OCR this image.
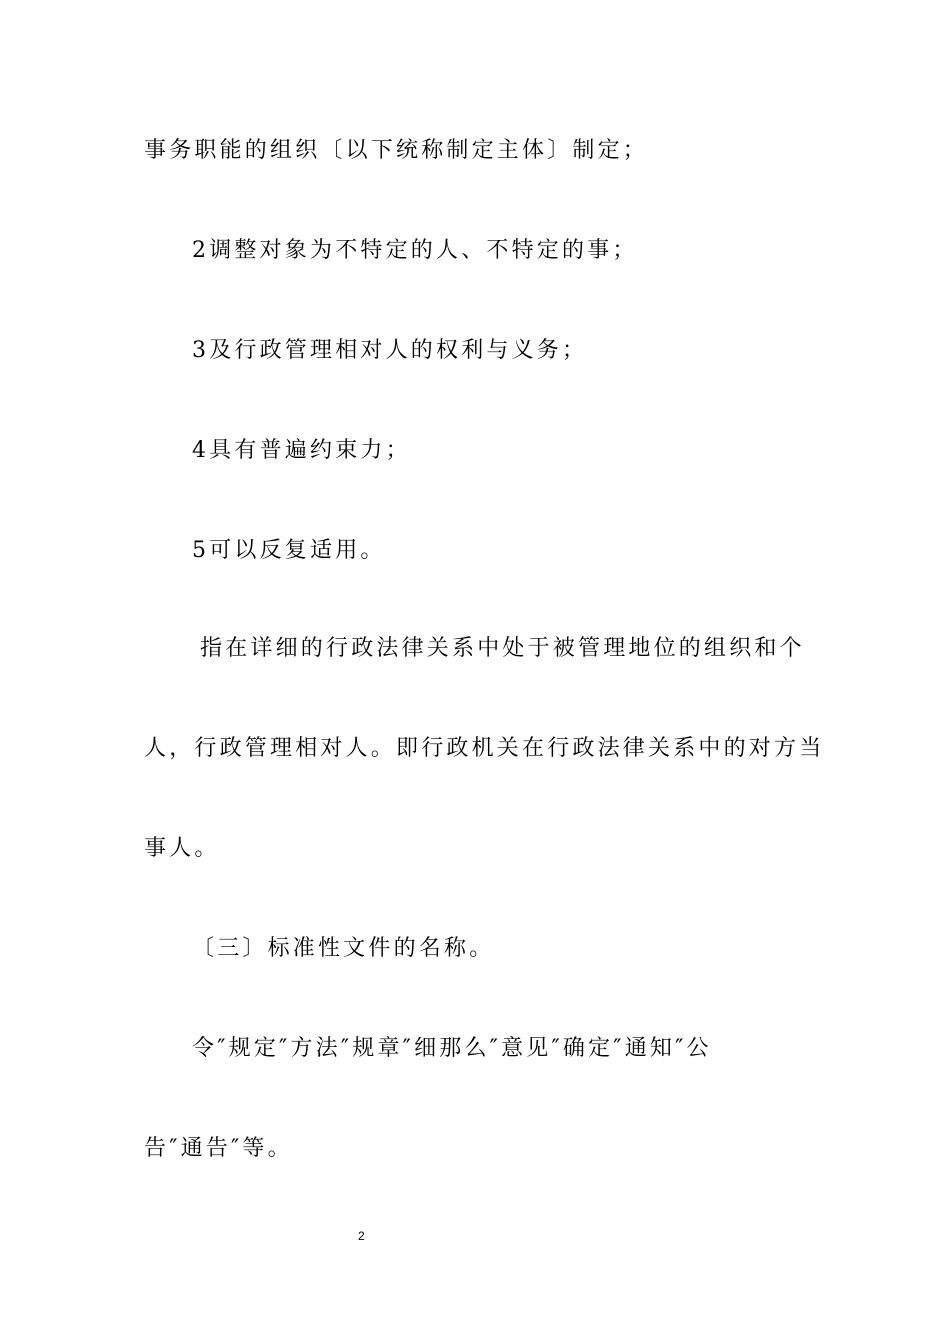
事务职能的组织〔以下统称制定主体〕制定；
2调整对象为不特定的人、不特定的事；
3及行政管理相对人的权利与义务；
4具有普遍约束力；
5可以反复适用。
指在详细的行政法律关系中处于被管理地位的组织和个
人，行政管理相对人。即行政机关在行政法律关系中的对方当
事人。
〔三〕标准性文件的名称。
令″规定″方法″规章″细那么″意见″确定″通知″公
告″通告″等。
2
